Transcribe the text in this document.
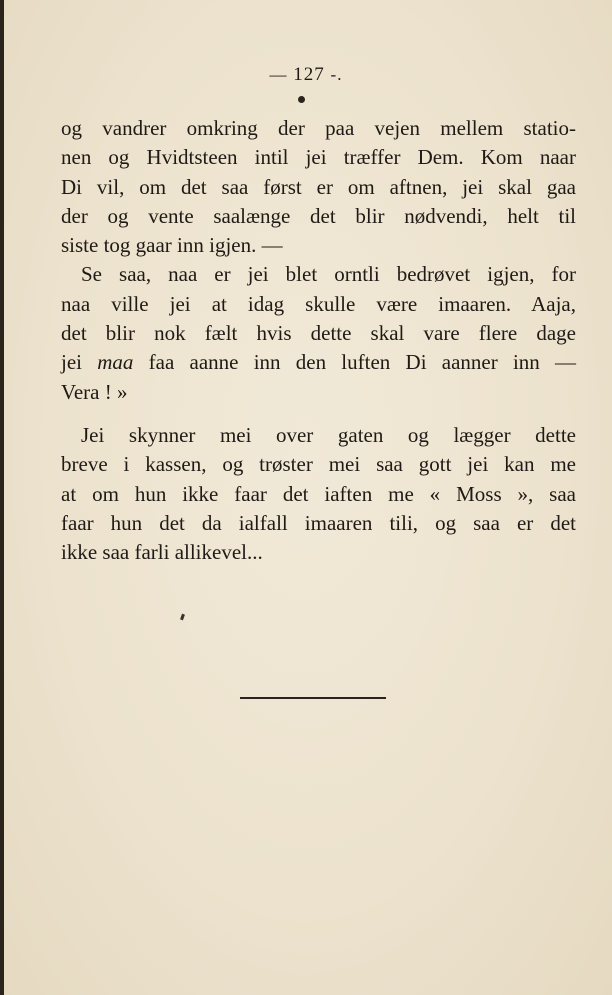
— 127 -.
og vandrer omkring der paa vejen mellem statio-
nen og Hvidtsteen intil jei træffer Dem. Kom naar
Di vil, om det saa først er om aftnen, jei skal gaa
der og vente saalænge det blir nødvendi, helt til
siste tog gaar inn igjen. —
Se saa, naa er jei blet orntli bedrøvet igjen, for
naa ville jei at idag skulle være imaaren. Aaja,
det blir nok fælt hvis dette skal vare flere dage
jei maa faa aanne inn den luften Di aanner inn —
Vera ! »
Jei skynner mei over gaten og lægger dette
breve i kassen, og trøster mei saa gott jei kan me
at om hun ikke faar det iaften me « Moss », saa
faar hun det da ialfall imaaren tili, og saa er det
ikke saa farli allikevel...
